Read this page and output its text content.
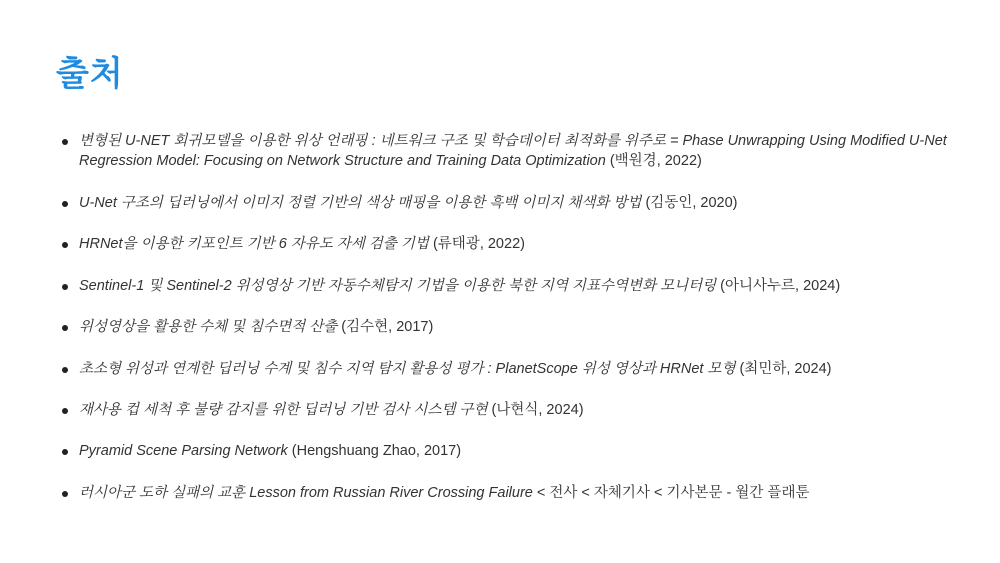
출처
변형된 U-NET 회귀모델을 이용한 위상 언래핑 : 네트워크 구조 및 학습데이터 최적화를 위주로 = Phase Unwrapping Using Modified U-Net Regression Model: Focusing on Network Structure and Training Data Optimization (백원경, 2022)
U-Net 구조의 딥러닝에서 이미지 정렬 기반의 색상 매핑을 이용한 흑백 이미지 채색화 방법 (김동인, 2020)
HRNet을 이용한 키포인트 기반 6 자유도 자세 검출 기법 (류태광, 2022)
Sentinel-1 및 Sentinel-2 위성영상 기반 자동수체탐지 기법을 이용한 북한 지역 지표수역변화 모니터링 (아니사누르, 2024)
위성영상을 활용한 수체 및 침수면적 산출 (김수현, 2017)
초소형 위성과 연계한 딥러닝 수계 및 침수 지역 탐지 활용성 평가 : PlanetScope 위성 영상과 HRNet 모형 (최민하, 2024)
재사용 컵 세척 후 불량 감지를 위한 딥러닝 기반 검사 시스템 구현 (나현식, 2024)
Pyramid Scene Parsing Network (Hengshuang Zhao, 2017)
러시아군 도하 실패의 교훈 Lesson from Russian River Crossing Failure < 전사 < 자체기사 < 기사본문 - 월간 플래툰
